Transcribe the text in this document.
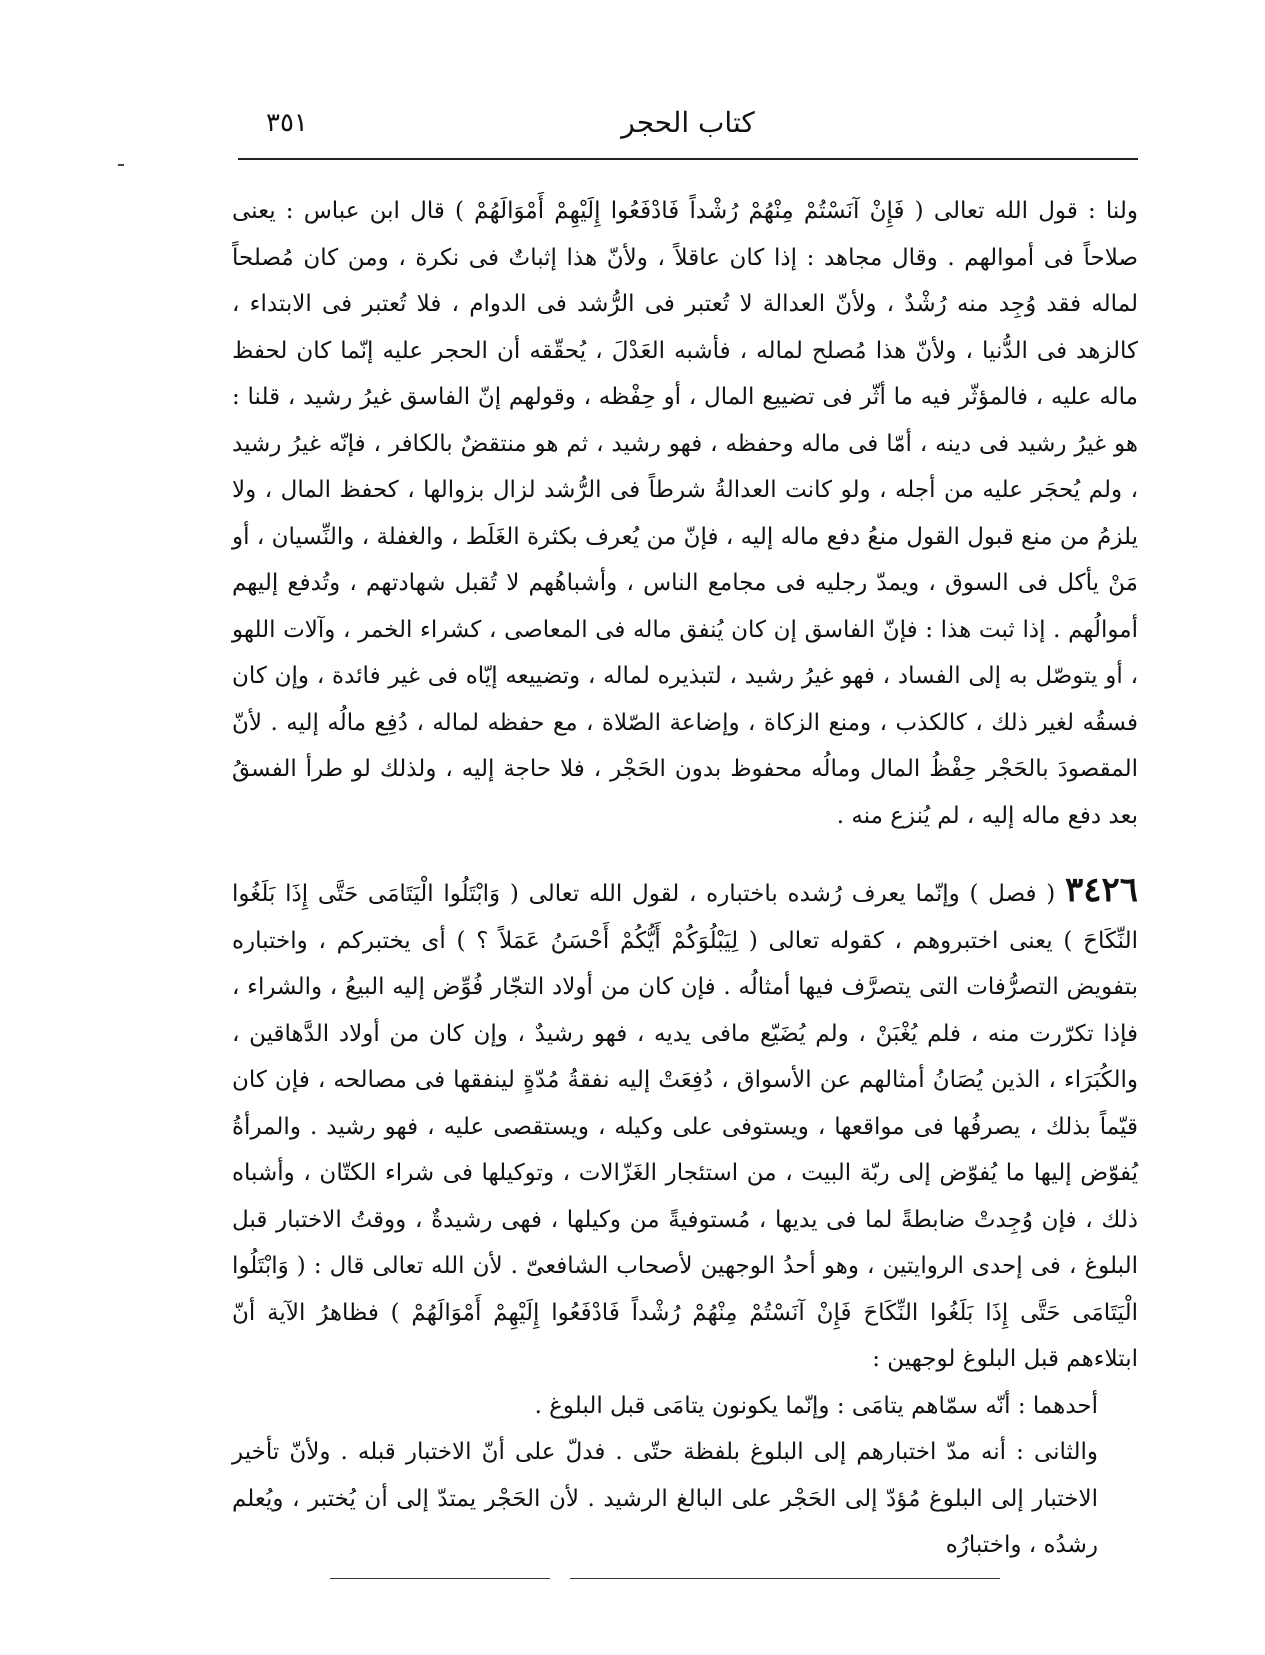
كتاب الحجر
٣٥١

ولنا : قول الله تعالى ( فَإِنْ آنَسْتُمْ مِنْهُمْ رُشْداً فَادْفَعُوا إِلَيْهِمْ أَمْوَالَهُمْ ) قال ابن عباس : يعنى صلاحاً فى أموالهم . وقال مجاهد : إذا كان عاقلاً ، ولأنّ هذا إثباتٌ فى نكرة ، ومن كان مُصلحاً لماله فقد وُجِد منه رُشْدٌ ، ولأنّ العدالة لا تُعتبر فى الرُّشد فى الدوام ، فلا تُعتبر فى الابتداء ، كالزهد فى الدُّنيا ، ولأنّ هذا مُصلح لماله ، فأشبه العَدْلَ ، يُحقّقه أن الحجر عليه إنّما كان لحفظ ماله عليه ، فالمؤثّر فيه ما أثّر فى تضييع المال ، أو حِفْظه ، وقولهم إنّ الفاسق غيرُ رشيد ، قلنا : هو غيرُ رشيد فى دينه ، أمّا فى ماله وحفظه ، فهو رشيد ، ثم هو منتقضٌ بالكافر ، فإنّه غيرُ رشيد ، ولم يُحجَر عليه من أجله ، ولو كانت العدالةُ شرطاً فى الرُّشد لزال بزوالها ، كحفظ المال ، ولا يلزمُ من منع قبول القول منعُ دفع ماله إليه ، فإنّ من يُعرف بكثرة الغَلَط ، والغفلة ، والنِّسيان ، أو مَنْ يأكل فى السوق ، ويمدّ رجليه فى مجامع الناس ، وأشباهُهم لا تُقبل شهادتهم ، وتُدفع إليهم أموالُهم . إذا ثبت هذا : فإنّ الفاسق إن كان يُنفق ماله فى المعاصى ، كشراء الخمر ، وآلات اللهو ، أو يتوصّل به إلى الفساد ، فهو غيرُ رشيد ، لتبذيره لماله ، وتضييعه إيّاه فى غير فائدة ، وإن كان فسقُه لغير ذلك ، كالكذب ، ومنع الزكاة ، وإضاعة الصّلاة ، مع حفظه لماله ، دُفِع مالُه إليه . لأنّ المقصودَ بالحَجْر حِفْظُ المال ومالُه محفوظ بدون الحَجْر ، فلا حاجة إليه ، ولذلك لو طرأ الفسقُ بعد دفع ماله إليه ، لم يُنزع منه .

٣٤٢٦ ( فصل ) وإنّما يعرف رُشده باختباره ، لقول الله تعالى ( وَابْتَلُوا الْيَتَامَى حَتَّى إِذَا بَلَغُوا النِّكَاحَ ) يعنى اختبروهم ، كقوله تعالى ( لِيَبْلُوَكُمْ أَيُّكُمْ أَحْسَنُ عَمَلاً ؟ ) أى يختبركم ، واختباره بتفويض التصرُّفات التى يتصرَّف فيها أمثالُه . فإن كان من أولاد التجّار فُوِّض إليه البيعُ ، والشراء ، فإذا تكرّرت منه ، فلم يُغْبَنْ ، ولم يُضَيّع مافى يديه ، فهو رشيدٌ ، وإن كان من أولاد الدَّهاقين ، والكُبَرَاء ، الذين يُصَانُ أمثالهم عن الأسواق ، دُفِعَتْ إليه نفقةُ مُدّةٍ لينفقها فى مصالحه ، فإن كان قيّماً بذلك ، يصرفُها فى مواقعها ، ويستوفى على وكيله ، ويستقصى عليه ، فهو رشيد . والمرأةُ يُفوّض إليها ما يُفوّض إلى ربّة البيت ، من استئجار الغَزّالات ، وتوكيلها فى شراء الكتّان ، وأشباه ذلك ، فإن وُجِدتْ ضابطةً لما فى يديها ، مُستوفيةً من وكيلها ، فهى رشيدةٌ ، ووقتُ الاختبار قبل البلوغ ، فى إحدى الروايتين ، وهو أحدُ الوجهين لأصحاب الشافعىّ . لأن الله تعالى قال : ( وَابْتَلُوا الْيَتَامَى حَتَّى إِذَا بَلَغُوا النِّكَاحَ فَإِنْ آنَسْتُمْ مِنْهُمْ رُشْداً فَادْفَعُوا إِلَيْهِمْ أَمْوَالَهُمْ ) فظاهرُ الآية أنّ ابتلاءهم قبل البلوغ لوجهين :

أحدهما : أنّه سمّاهم يتامَى : وإنّما يكونون يتامَى قبل البلوغ .

والثانى : أنه مدّ اختبارهم إلى البلوغ بلفظة حتّى . فدلّ على أنّ الاختبار قبله . ولأنّ تأخير الاختبار إلى البلوغ مُؤدّ إلى الحَجْر على البالغ الرشيد . لأن الحَجْر يمتدّ إلى أن يُختبر ، ويُعلم رشدُه ، واختبارُه
